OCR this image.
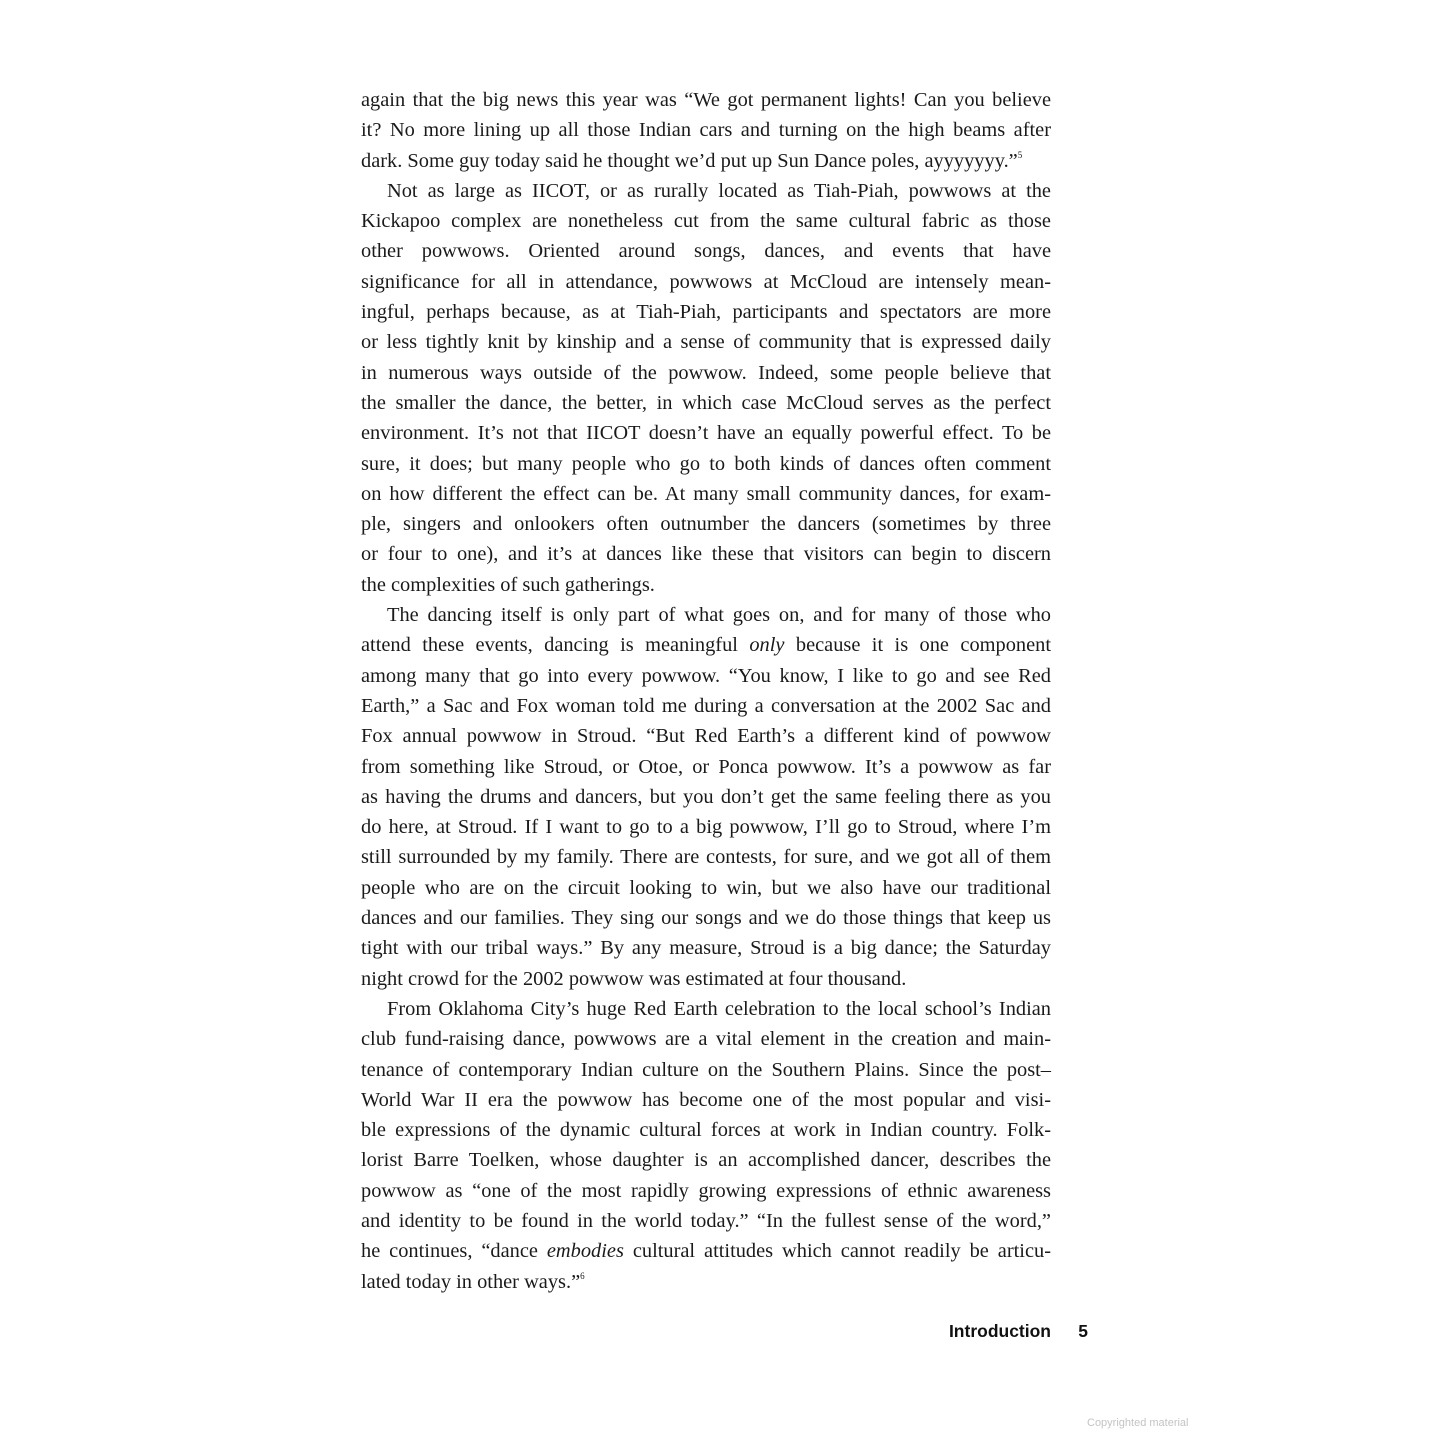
again that the big news this year was “We got permanent lights! Can you believe
it? No more lining up all those Indian cars and turning on the high beams after
dark. Some guy today said he thought we’d put up Sun Dance poles, ayyyyyyy.”$^5$
Not as large as IICOT, or as rurally located as Tiah-Piah, powwows at the
Kickapoo complex are nonetheless cut from the same cultural fabric as those
other powwows. Oriented around songs, dances, and events that have
significance for all in attendance, powwows at McCloud are intensely mean-
ingful, perhaps because, as at Tiah-Piah, participants and spectators are more
or less tightly knit by kinship and a sense of community that is expressed daily
in numerous ways outside of the powwow. Indeed, some people believe that
the smaller the dance, the better, in which case McCloud serves as the perfect
environment. It’s not that IICOT doesn’t have an equally powerful effect. To be
sure, it does; but many people who go to both kinds of dances often comment
on how different the effect can be. At many small community dances, for exam-
ple, singers and onlookers often outnumber the dancers (sometimes by three
or four to one), and it’s at dances like these that visitors can begin to discern
the complexities of such gatherings.
The dancing itself is only part of what goes on, and for many of those who
attend these events, dancing is meaningful only because it is one component
among many that go into every powwow. “You know, I like to go and see Red
Earth,” a Sac and Fox woman told me during a conversation at the 2002 Sac and
Fox annual powwow in Stroud. “But Red Earth’s a different kind of powwow
from something like Stroud, or Otoe, or Ponca powwow. It’s a powwow as far
as having the drums and dancers, but you don’t get the same feeling there as you
do here, at Stroud. If I want to go to a big powwow, I’ll go to Stroud, where I’m
still surrounded by my family. There are contests, for sure, and we got all of them
people who are on the circuit looking to win, but we also have our traditional
dances and our families. They sing our songs and we do those things that keep us
tight with our tribal ways.” By any measure, Stroud is a big dance; the Saturday
night crowd for the 2002 powwow was estimated at four thousand.
From Oklahoma City’s huge Red Earth celebration to the local school’s Indian
club fund-raising dance, powwows are a vital element in the creation and main-
tenance of contemporary Indian culture on the Southern Plains. Since the post–
World War II era the powwow has become one of the most popular and visi-
ble expressions of the dynamic cultural forces at work in Indian country. Folk-
lorist Barre Toelken, whose daughter is an accomplished dancer, describes the
powwow as “one of the most rapidly growing expressions of ethnic awareness
and identity to be found in the world today.” “In the fullest sense of the word,”
he continues, “dance embodies cultural attitudes which cannot readily be articu-
lated today in other ways.”$^6$
Introduction 5
Copyrighted material
